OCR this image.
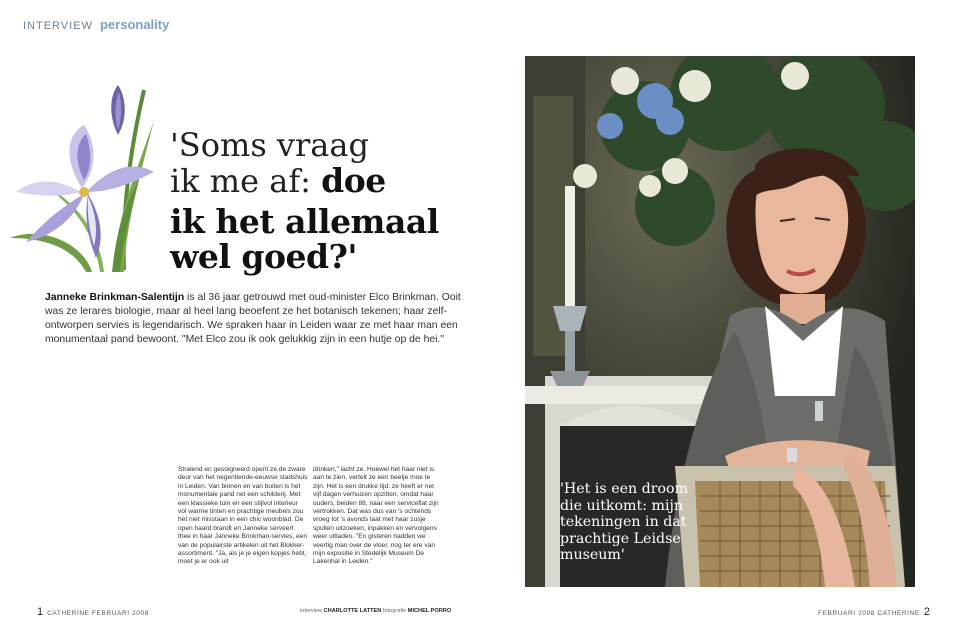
INTERVIEW personality
'Soms vraag
ik me af: doe
ik het allemaal
wel goed?'
Janneke Brinkman-Salentijn is al 36 jaar getrouwd met oud-minister Elco Brinkman. Ooit was ze lerares biologie, maar al heel lang beoefent ze het botanisch tekenen; haar zelf-ontworpen servies is legendarisch. We spraken haar in Leiden waar ze met haar man een monumentaal pand bewoont. "Met Elco zou ik ook gelukkig zijn in een hutje op de hei."
Stralend en gesoigneerd opent ze de zware deur van het negentiende-eeuwse stadshuis in Leiden. Van binnen en van buiten is het monumentale pand net een schilderij. Met een klassieke tuin en een stijlvol interieur vol warme tinten en prachtige meubels zou het niet misstaan in een chic woonblad. De open haard brandt en Janneke serveert thee in haar Janneke Brinkman-servies, een van de populairste artikelen uit het Blokker-assortiment. "Ja, als je je eigen kopjes hebt, moet je er ook uit
drinken," lacht ze. Hoewel het haar niet is aan te zien, vertelt ze een beetje moe te zijn. Het is een drukke tijd: ze heeft er net vijf dagen verhuizen opzitten, omdat haar ouders, beiden 88, naar een serviceflat zijn vertrokken. Dat was dus van 's ochtends vroeg tot 's avonds laat met haar zusje spullen uitzoeken, inpakken en vervolgens weer uitladen. "En gisteren hadden we veertig man over de vloer, nog ter ere van mijn expositie in Stedelijk Museum De Lakenhal in Leiden."
'Het is een droom die uitkomt: mijn tekeningen in dat prachtige Leidse museum'
1 CATHERINE FEBRUARI 2008	interview CHARLOTTE LATTEN fotografie MICHEL PORRO	FEBRUARI 2008 CATHERINE 2
